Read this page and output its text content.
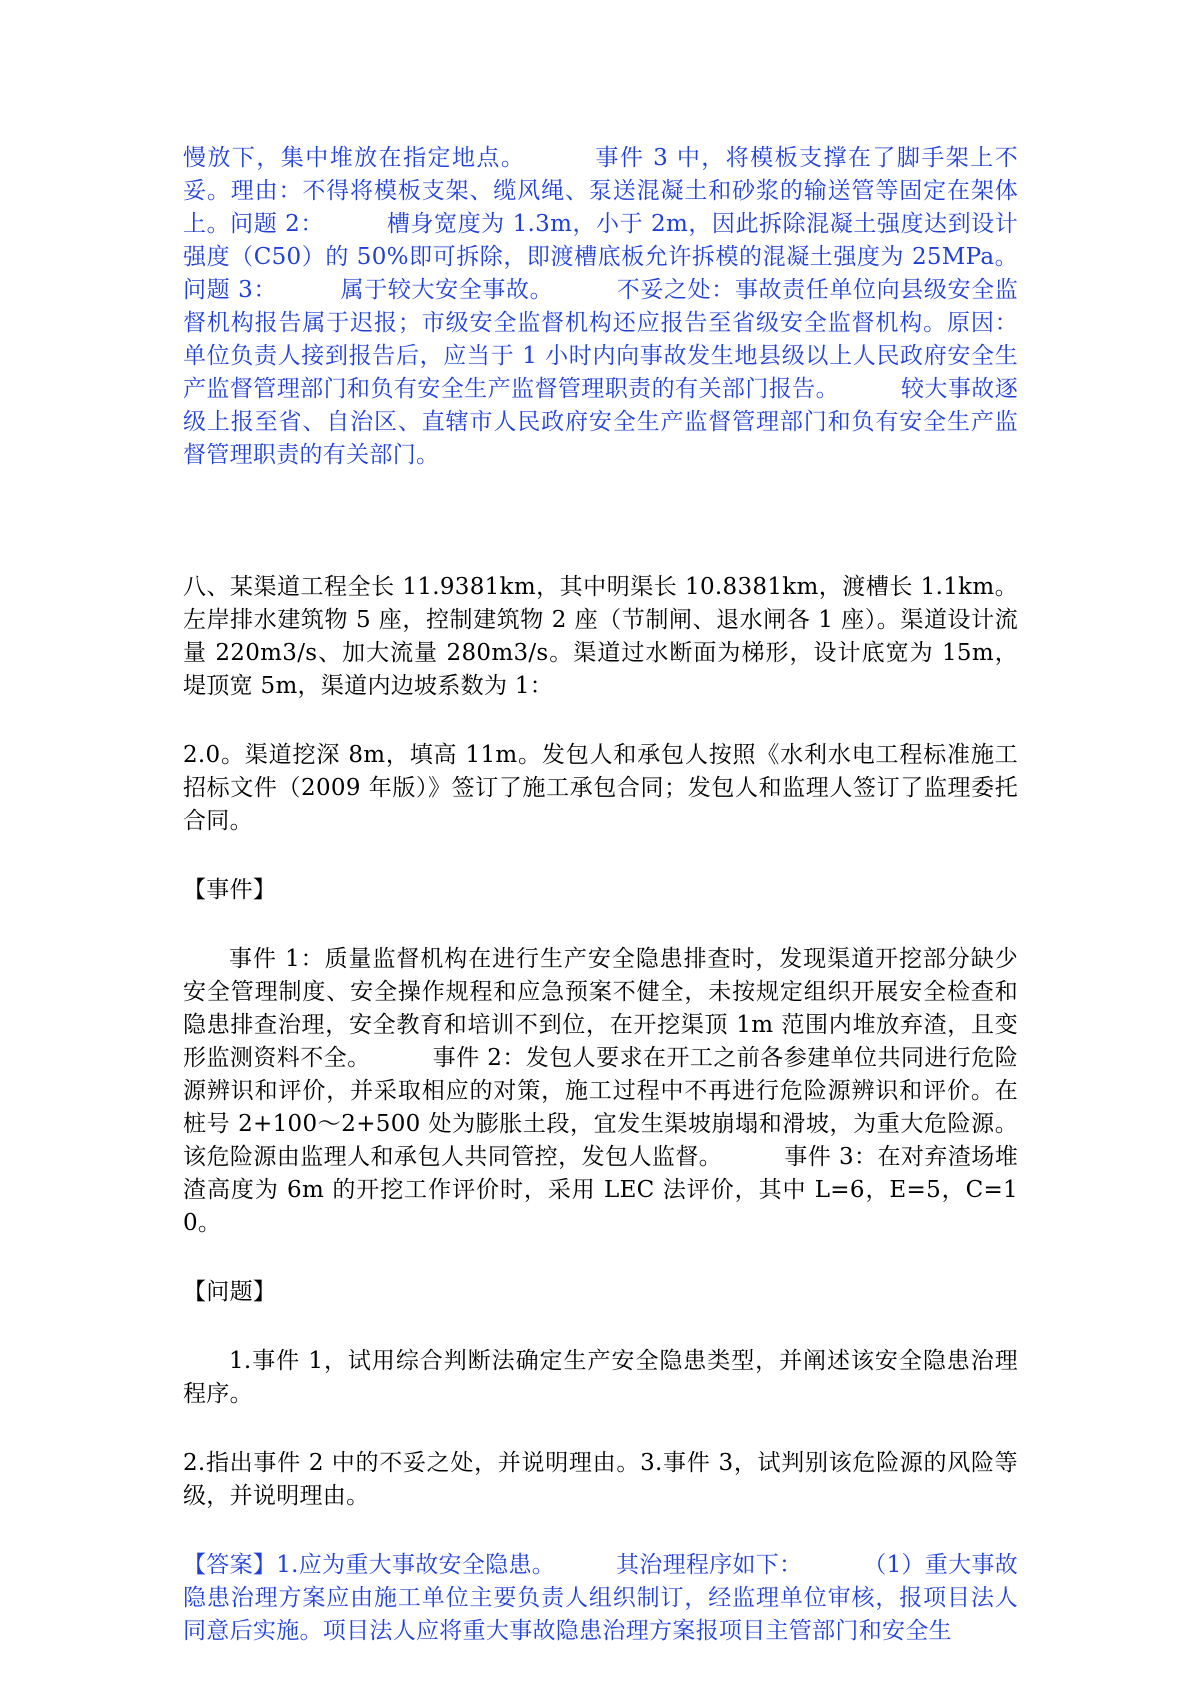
慢放下，集中堆放在指定地点。	事件 3 中，将模板支撑在了脚手架上不妥。理由：不得将模板支架、缆风绳、泵送混凝土和砂浆的输送管等固定在架体上。问题 2：	槽身宽度为 1.3m，小于 2m，因此拆除混凝土强度达到设计强度（C50）的 50%即可拆除，即渡槽底板允许拆模的混凝土强度为 25MPa。问题 3：	属于较大安全事故。	不妥之处：事故责任单位向县级安全监督机构报告属于迟报；市级安全监督机构还应报告至省级安全监督机构。原因：单位负责人接到报告后，应当于 1 小时内向事故发生地县级以上人民政府安全生产监督管理部门和负有安全生产监督管理职责的有关部门报告。	较大事故逐级上报至省、自治区、直辖市人民政府安全生产监督管理部门和负有安全生产监督管理职责的有关部门。

八、某渠道工程全长 11.9381km，其中明渠长 10.8381km，渡槽长 1.1km。左岸排水建筑物 5 座，控制建筑物 2 座（节制闸、退水闸各 1 座）。渠道设计流量 220m3/s、加大流量 280m3/s。渠道过水断面为梯形，设计底宽为 15m，堤顶宽 5m，渠道内边坡系数为 1：

2.0。渠道挖深 8m，填高 11m。发包人和承包人按照《水利水电工程标准施工招标文件（2009 年版）》签订了施工承包合同；发包人和监理人签订了监理委托合同。

【事件】

事件 1：质量监督机构在进行生产安全隐患排查时，发现渠道开挖部分缺少安全管理制度、安全操作规程和应急预案不健全，未按规定组织开展安全检查和隐患排查治理，安全教育和培训不到位，在开挖渠顶 1m 范围内堆放弃渣，且变形监测资料不全。	事件 2：发包人要求在开工之前各参建单位共同进行危险源辨识和评价，并采取相应的对策，施工过程中不再进行危险源辨识和评价。在桩号 2+100～2+500 处为膨胀土段，宜发生渠坡崩塌和滑坡，为重大危险源。该危险源由监理人和承包人共同管控，发包人监督。	事件 3：在对弃渣场堆渣高度为 6m 的开挖工作评价时，采用 LEC 法评价，其中 L=6，E=5，C=10。

【问题】

1.事件 1，试用综合判断法确定生产安全隐患类型，并阐述该安全隐患治理程序。

2.指出事件 2 中的不妥之处，并说明理由。3.事件 3，试判别该危险源的风险等级，并说明理由。

【答案】1.应为重大事故安全隐患。	其治理程序如下：	（1）重大事故隐患治理方案应由施工单位主要负责人组织制订，经监理单位审核，报项目法人同意后实施。项目法人应将重大事故隐患治理方案报项目主管部门和安全生
